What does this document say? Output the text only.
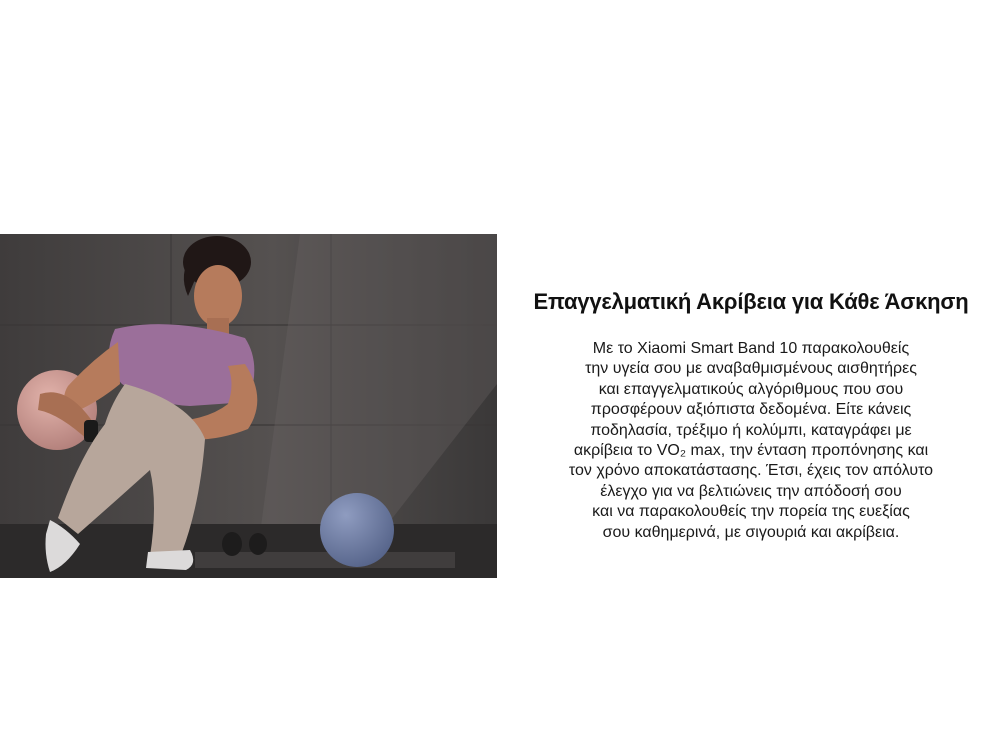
Επαγγελματική Ακρίβεια για Κάθε Άσκηση
Με το Xiaomi Smart Band 10 παρακολουθείς
την υγεία σου με αναβαθμισμένους αισθητήρες
και επαγγελματικούς αλγόριθμους που σου
προσφέρουν αξιόπιστα δεδομένα. Είτε κάνεις
ποδηλασία, τρέξιμο ή κολύμπι, καταγράφει με
ακρίβεια το VO₂ max, την ένταση προπόνησης και
τον χρόνο αποκατάστασης. Έτσι, έχεις τον απόλυτο
έλεγχο για να βελτιώνεις την απόδοσή σου
και να παρακολουθείς την πορεία της ευεξίας
σου καθημερινά, με σιγουριά και ακρίβεια.
